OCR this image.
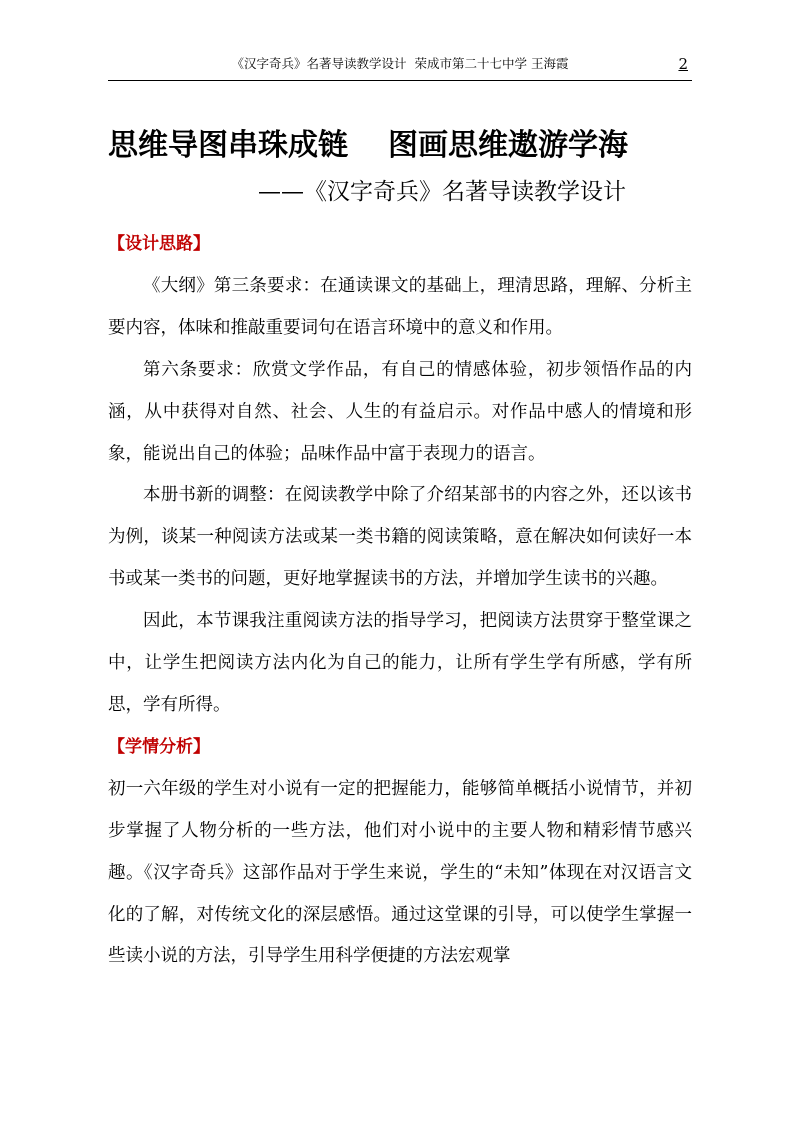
《汉字奇兵》名著导读教学设计 荣成市第二十七中学 王海霞	2
思维导图串珠成链 图画思维遨游学海
——《汉字奇兵》名著导读教学设计

【设计思路】

《大纲》第三条要求：在通读课文的基础上，理清思路，理解、分析主要内容，体味和推敲重要词句在语言环境中的意义和作用。

第六条要求：欣赏文学作品，有自己的情感体验，初步领悟作品的内涵，从中获得对自然、社会、人生的有益启示。对作品中感人的情境和形象，能说出自己的体验；品味作品中富于表现力的语言。

本册书新的调整：在阅读教学中除了介绍某部书的内容之外，还以该书为例，谈某一种阅读方法或某一类书籍的阅读策略，意在解决如何读好一本书或某一类书的问题，更好地掌握读书的方法，并增加学生读书的兴趣。

因此，本节课我注重阅读方法的指导学习，把阅读方法贯穿于整堂课之中，让学生把阅读方法内化为自己的能力，让所有学生学有所感，学有所思，学有所得。

【学情分析】

初一六年级的学生对小说有一定的把握能力，能够简单概括小说情节，并初步掌握了人物分析的一些方法，他们对小说中的主要人物和精彩情节感兴趣。《汉字奇兵》这部作品对于学生来说，学生的“未知”体现在对汉语言文化的了解，对传统文化的深层感悟。通过这堂课的引导，可以使学生掌握一些读小说的方法，引导学生用科学便捷的方法宏观掌
